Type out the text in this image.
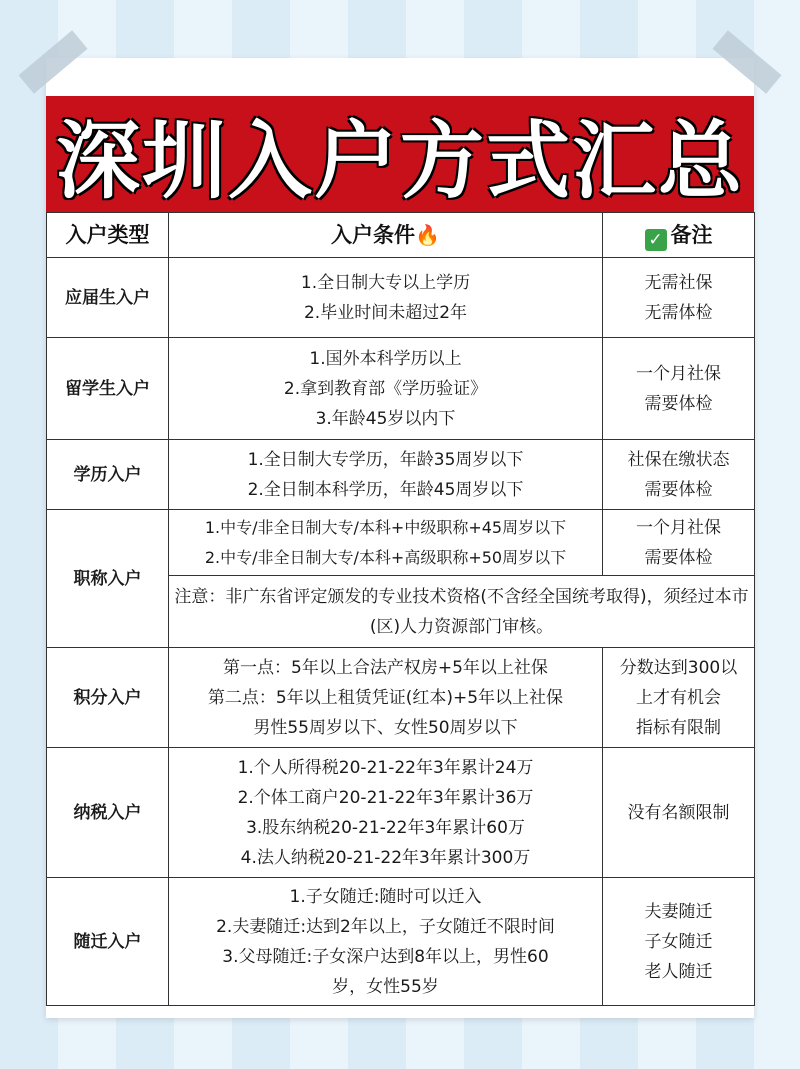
深圳入户方式汇总
入户类型	入户条件🔥	✓ 备注
应届生入户	1.全日制大专以上学历
2.毕业时间未超过2年	无需社保
无需体检

留学生入户	1.国外本科学历以上
2.拿到教育部《学历验证》
3.年龄45岁以内下	一个月社保
需要体检

学历入户	1.全日制大专学历，年龄35周岁以下
2.全日制本科学历，年龄45周岁以下	社保在缴状态
需要体检

职称入户	1.中专/非全日制大专/本科+中级职称+45周岁以下
2.中专/非全日制大专/本科+高级职称+50周岁以下	一个月社保
需要体检

	注意：非广东省评定颁发的专业技术资格(不含经全国统考取得)，须经过本市(区)人力资源部门审核。	

积分入户	第一点：5年以上合法产权房+5年以上社保
第二点：5年以上租赁凭证(红本)+5年以上社保
男性55周岁以下、女性50周岁以下	分数达到300以
上才有机会
指标有限制

纳税入户	1.个人所得税20-21-22年3年累计24万
2.个体工商户20-21-22年3年累计36万
3.股东纳税20-21-22年3年累计60万
4.法人纳税20-21-22年3年累计300万	没有名额限制

随迁入户	1.子女随迁:随时可以迁入
2.夫妻随迁:达到2年以上，子女随迁不限时间
3.父母随迁:子女深户达到8年以上，男性60
岁，女性55岁	夫妻随迁
子女随迁
老人随迁
